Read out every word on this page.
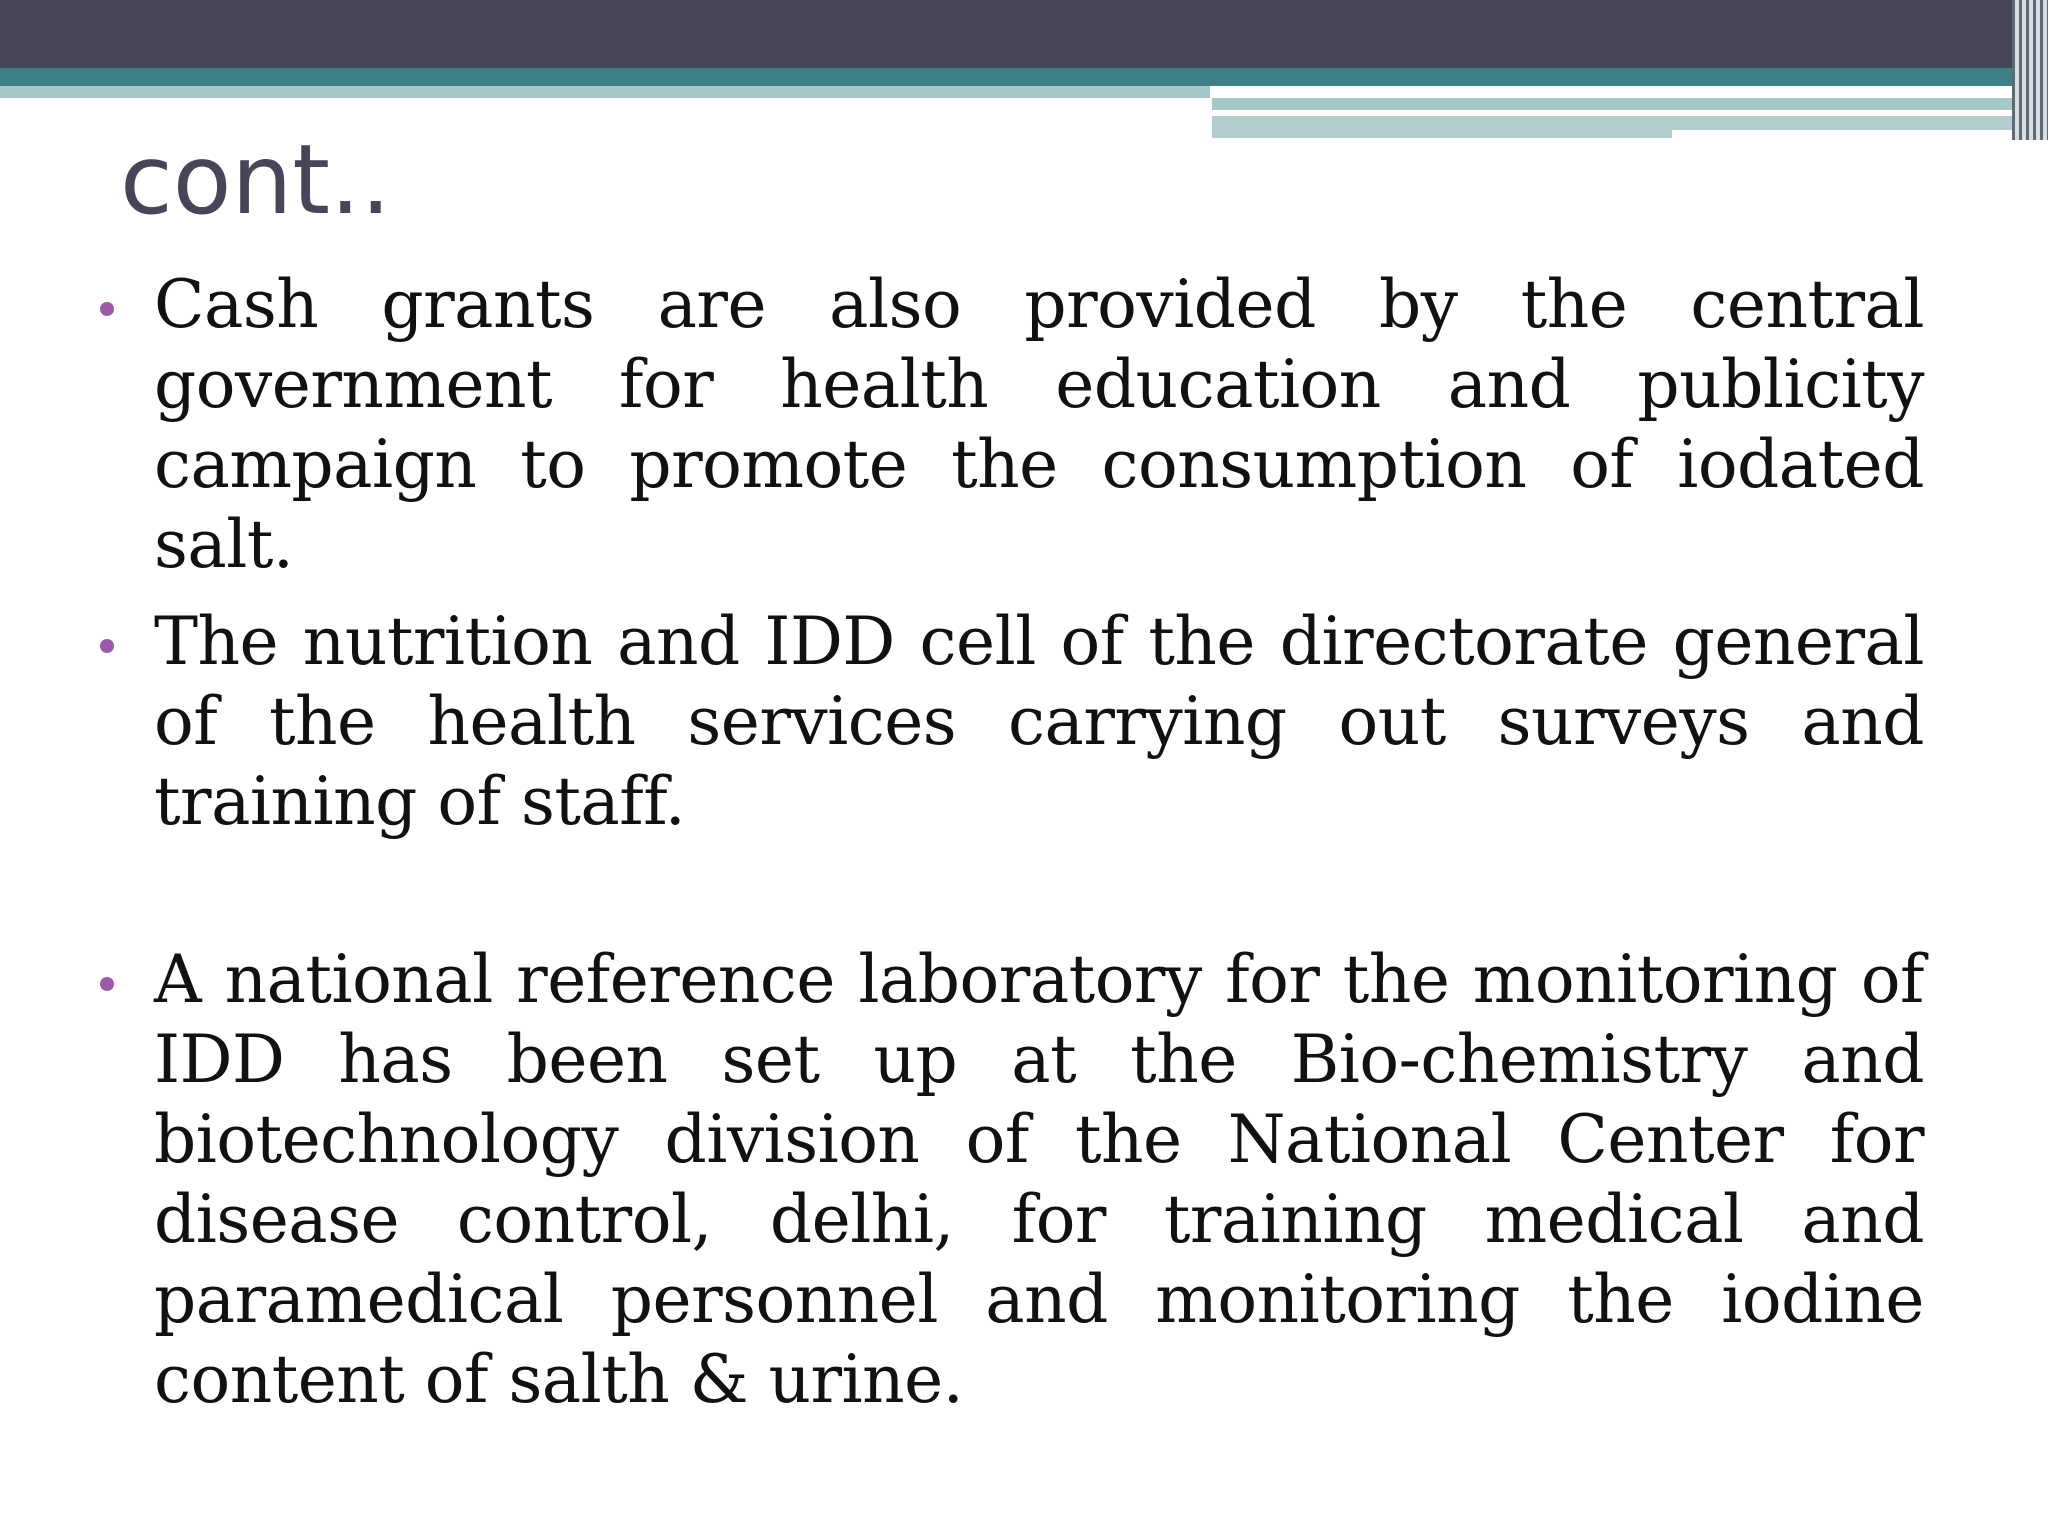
cont..

Cash grants are also provided by the central government for health education and publicity campaign to promote the consumption of iodated salt.

The nutrition and IDD cell of the directorate general of the health services carrying out surveys and training of staff.

A national reference laboratory for the monitoring of IDD has been set up at the Bio-chemistry and biotechnology division of the National Center for disease control, delhi, for training medical and paramedical personnel and monitoring the iodine content of salth & urine.
